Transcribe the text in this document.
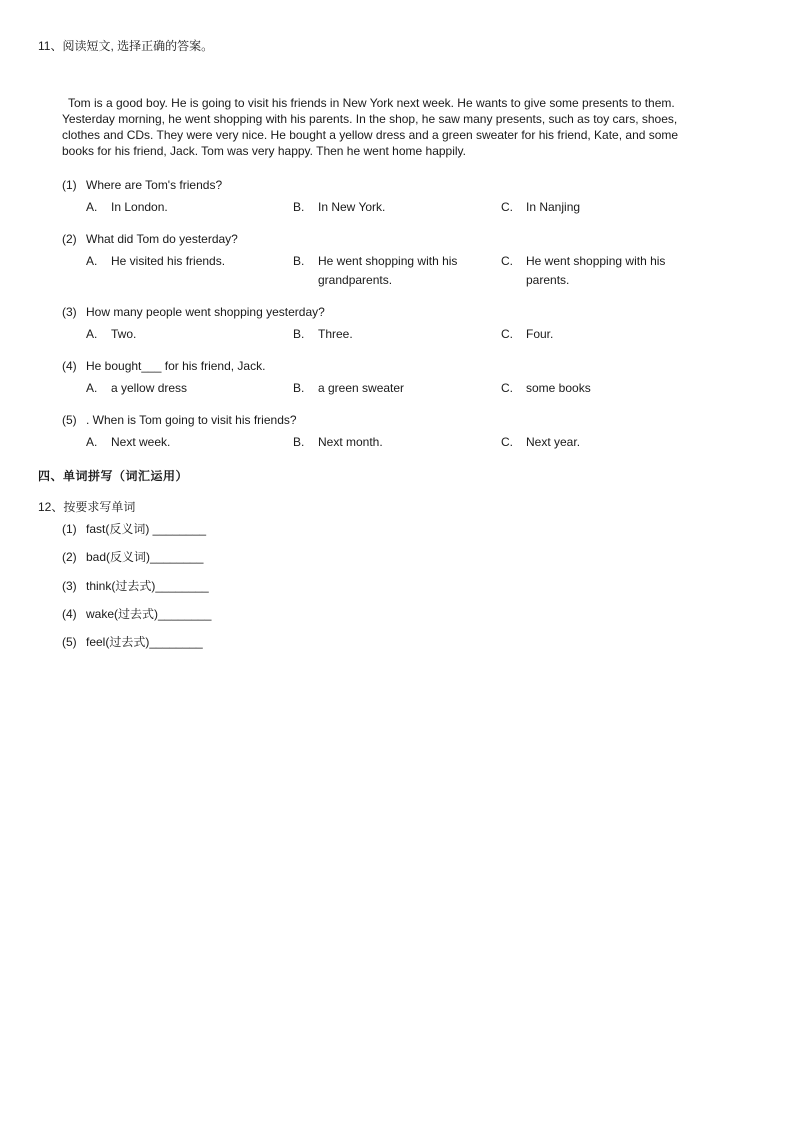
11、阅读短文, 选择正确的答案。
Tom is a good boy. He is going to visit his friends in New York next week. He wants to give some presents to them.
Yesterday morning, he went shopping with his parents. In the shop, he saw many presents, such as toy cars, shoes,
clothes and CDs. They were very nice. He bought a yellow dress and a green sweater for his friend, Kate, and some
books for his friend, Jack. Tom was very happy. Then he went home happily.
(1) Where are Tom's friends?
A. In London.	B. In New York.	C. In Nanjing
(2) What did Tom do yesterday?
A. He visited his friends.	B. He went shopping with his grandparents.
C. He went shopping with his parents.
(3) How many people went shopping yesterday?
A. Two.	B. Three.	C. Four.
(4) He bought___ for his friend, Jack.
A. a yellow dress	B. a green sweater	C. some books
(5) . When is Tom going to visit his friends?
A. Next week.	B. Next month.	C. Next year.
四、单词拼写（词汇运用）
12、按要求写单词
(1) fast(反义词) ________
(2) bad(反义词)________
(3) think(过去式)________
(4) wake(过去式)________
(5) feel(过去式)________
